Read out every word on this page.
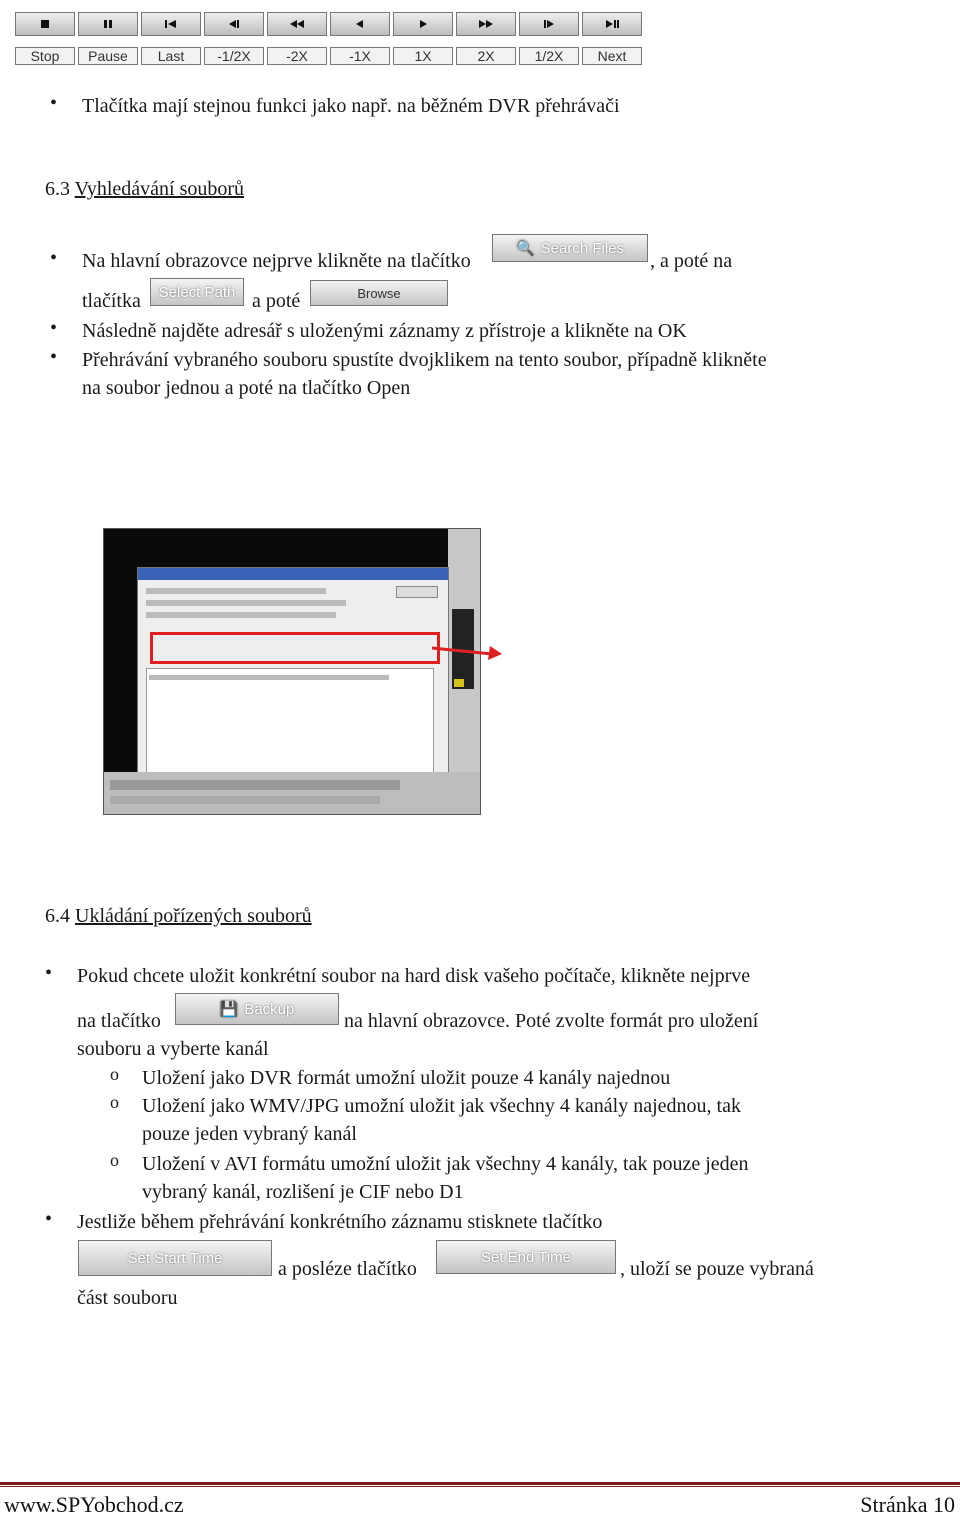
Stop	Pause	Last	-1/2X	-2X	-1X	1X	2X	1/2X	Next
• Tlačítka mají stejnou funkci jako např. na běžném DVR přehrávači
6.3 Vyhledávání souborů
• Na hlavní obrazovce nejprve klikněte na tlačítko
🔍 Search Files
, a poté na
tlačítka Select Path a poté	Browse
• Následně najděte adresář s uloženými záznamy z přístroje a klikněte na OK
• Přehrávání vybraného souboru spustíte dvojklikem na tento soubor, případně klikněte
na soubor jednou a poté na tlačítko Open
6.4 Ukládání pořízených souborů
• Pokud chcete uložit konkrétní soubor na hard disk vašeho počítače, klikněte nejprve
na tlačítko
💾 Backup
na hlavní obrazovce. Poté zvolte formát pro uložení
souboru a vyberte kanál
o Uložení jako DVR formát umožní uložit pouze 4 kanály najednou
o Uložení jako WMV/JPG umožní uložit jak všechny 4 kanály najednou, tak
pouze jeden vybraný kanál
o Uložení v AVI formátu umožní uložit jak všechny 4 kanály, tak pouze jeden
vybraný kanál, rozlišení je CIF nebo D1
• Jestliže během přehrávání konkrétního záznamu stisknete tlačítko
Set Start Time	a posléze tlačítko
Set End Time
, uloží se pouze vybraná
část souboru
www.SPYobchod.cz	Stránka 10
